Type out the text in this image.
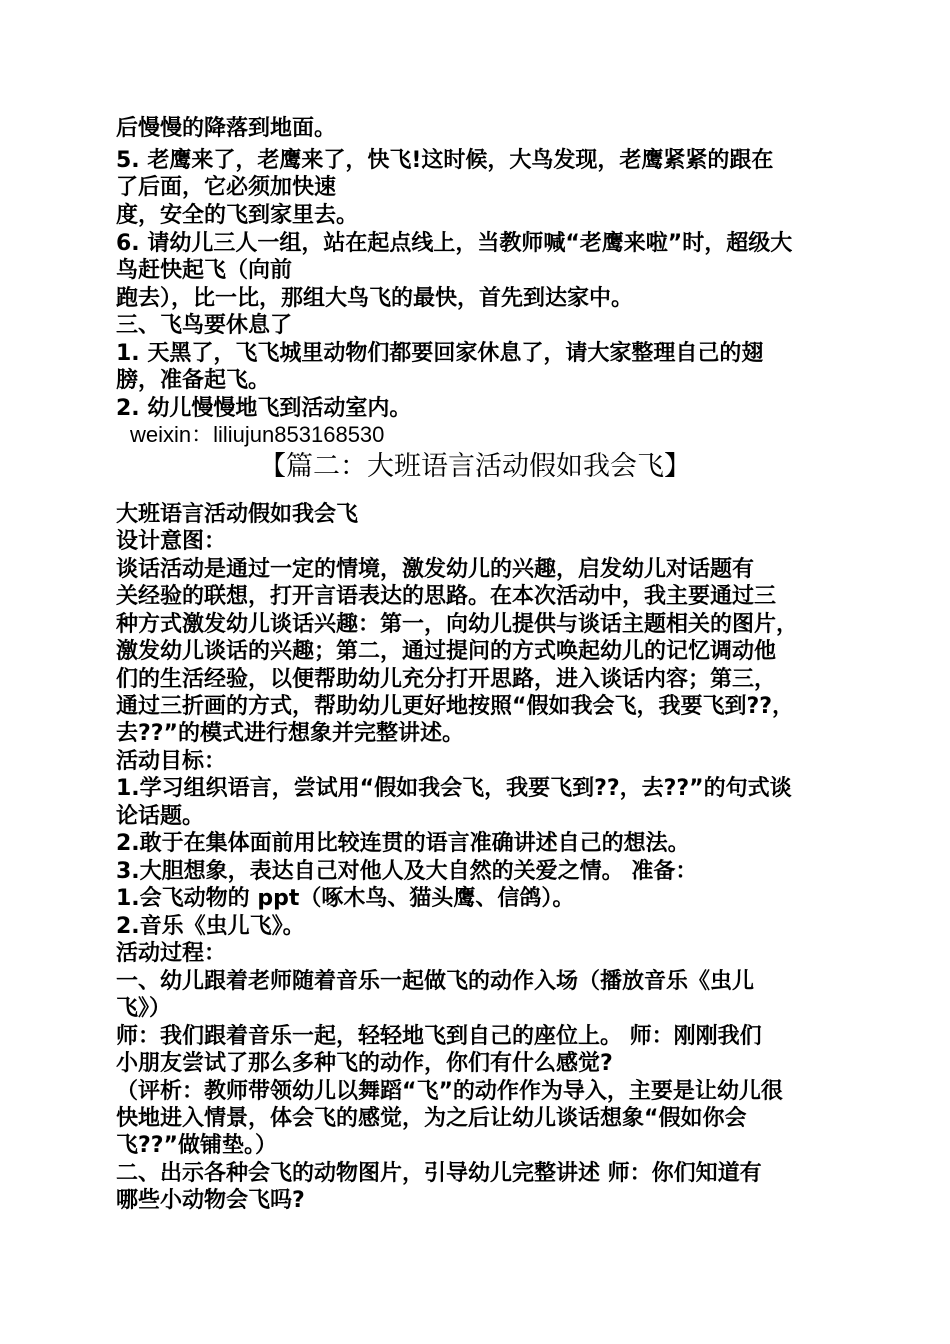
后慢慢的降落到地面。
5. 老鹰来了，老鹰来了，快飞!这时候，大鸟发现，老鹰紧紧的跟在
了后面，它必须加快速
度，安全的飞到家里去。
6. 请幼儿三人一组，站在起点线上，当教师喊“老鹰来啦”时，超级大
鸟赶快起飞（向前
跑去），比一比，那组大鸟飞的最快，首先到达家中。
三、飞鸟要休息了
1. 天黑了，飞飞城里动物们都要回家休息了，请大家整理自己的翅
膀，准备起飞。
2. 幼儿慢慢地飞到活动室内。
weixin：liliujun853168530
【篇二：大班语言活动假如我会飞】
大班语言活动假如我会飞
设计意图：
谈话活动是通过一定的情境，激发幼儿的兴趣，启发幼儿对话题有
关经验的联想，打开言语表达的思路。在本次活动中，我主要通过三
种方式激发幼儿谈话兴趣：第一，向幼儿提供与谈话主题相关的图片，
激发幼儿谈话的兴趣；第二，通过提问的方式唤起幼儿的记忆调动他
们的生活经验，以便帮助幼儿充分打开思路，进入谈话内容；第三，
通过三折画的方式，帮助幼儿更好地按照“假如我会飞，我要飞到??，
去??”的模式进行想象并完整讲述。
活动目标：
1.学习组织语言，尝试用“假如我会飞，我要飞到??，去??”的句式谈
论话题。
2.敢于在集体面前用比较连贯的语言准确讲述自己的想法。
3.大胆想象，表达自己对他人及大自然的关爱之情。 准备：
1.会飞动物的 ppt（啄木鸟、猫头鹰、信鸽）。
2.音乐《虫儿飞》。
活动过程：
一、幼儿跟着老师随着音乐一起做飞的动作入场（播放音乐《虫儿
飞》）
师：我们跟着音乐一起，轻轻地飞到自己的座位上。 师：刚刚我们
小朋友尝试了那么多种飞的动作，你们有什么感觉?
（评析：教师带领幼儿以舞蹈“飞”的动作作为导入，主要是让幼儿很
快地进入情景，体会飞的感觉，为之后让幼儿谈话想象“假如你会
飞??”做铺垫。）
二、出示各种会飞的动物图片，引导幼儿完整讲述 师：你们知道有
哪些小动物会飞吗?
